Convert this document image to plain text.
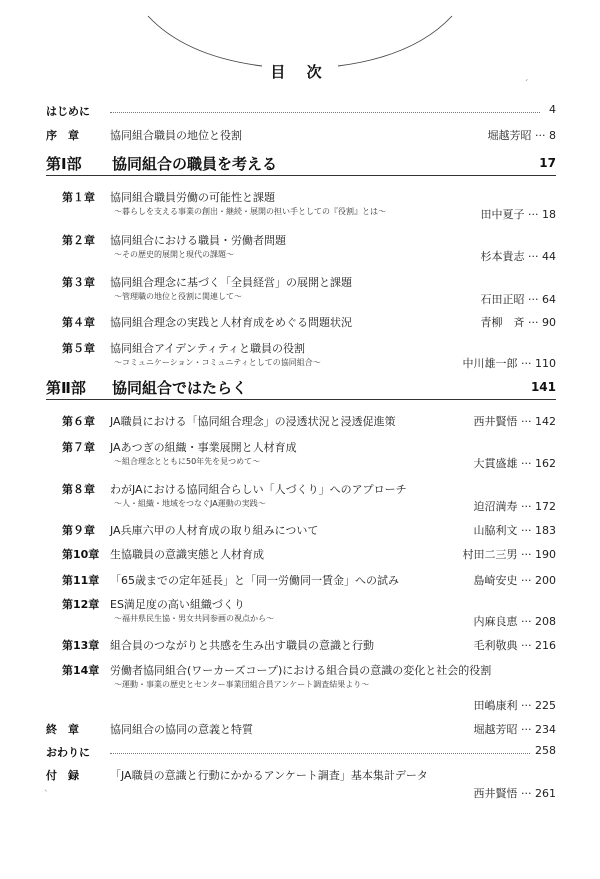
目 次	ˏ
ˋ
はじめに	4
序　章	協同組合職員の地位と役割	堀越芳昭 ··· 8
第Ⅰ部 協同組合の職員を考える	17
第１章 協同組合職員労働の可能性と課題
～暮らしを支える事業の創出・継続・展開の担い手としての『役割』とは～	田中夏子 ··· 18
第２章 協同組合における職員・労働者問題
～その歴史的展開と現代の課題～	杉本貴志 ··· 44
第３章 協同組合理念に基づく「全員経営」の展開と課題
～管理職の地位と役割に関連して～	石田正昭 ··· 64
第４章 協同組合理念の実践と人材育成をめぐる問題状況	青柳　斉 ··· 90
第５章 協同組合アイデンティティと職員の役割
～コミュニケーション・コミュニティとしての協同組合～	中川雄一郎 ··· 110
第Ⅱ部 協同組合ではたらく	141
第６章 JA職員における「協同組合理念」の浸透状況と浸透促進策	西井賢悟 ··· 142
第７章 JAあつぎの組織・事業展開と人材育成
～組合理念とともに50年先を見つめて～	大貫盛雄 ··· 162
第８章 わがJAにおける協同組合らしい「人づくり」へのアプローチ
～人・組織・地域をつなぐJA運動の実践～	迫沼満寿 ··· 172
第９章 JA兵庫六甲の人材育成の取り組みについて	山脇利文 ··· 183
第10章 生協職員の意識実態と人材育成	村田二三男 ··· 190
第11章 「65歳までの定年延長」と「同一労働同一賃金」への試み	島崎安史 ··· 200
第12章 ES満足度の高い組織づくり
～福井県民生協・男女共同参画の視点から～	内麻良恵 ··· 208
第13章 組合員のつながりと共感を生み出す職員の意識と行動	毛利敬典 ··· 216
第14章 労働者協同組合(ワーカーズコープ)における組合員の意識の変化と社会的役割
～運動・事業の歴史とセンター事業団組合員アンケート調査結果より～
田嶋康利 ··· 225
終　章	協同組合の協同の意義と特質	堀越芳昭 ··· 234
おわりに	258
付　録	「JA職員の意識と行動にかかるアンケート調査」基本集計データ
西井賢悟 ··· 261
